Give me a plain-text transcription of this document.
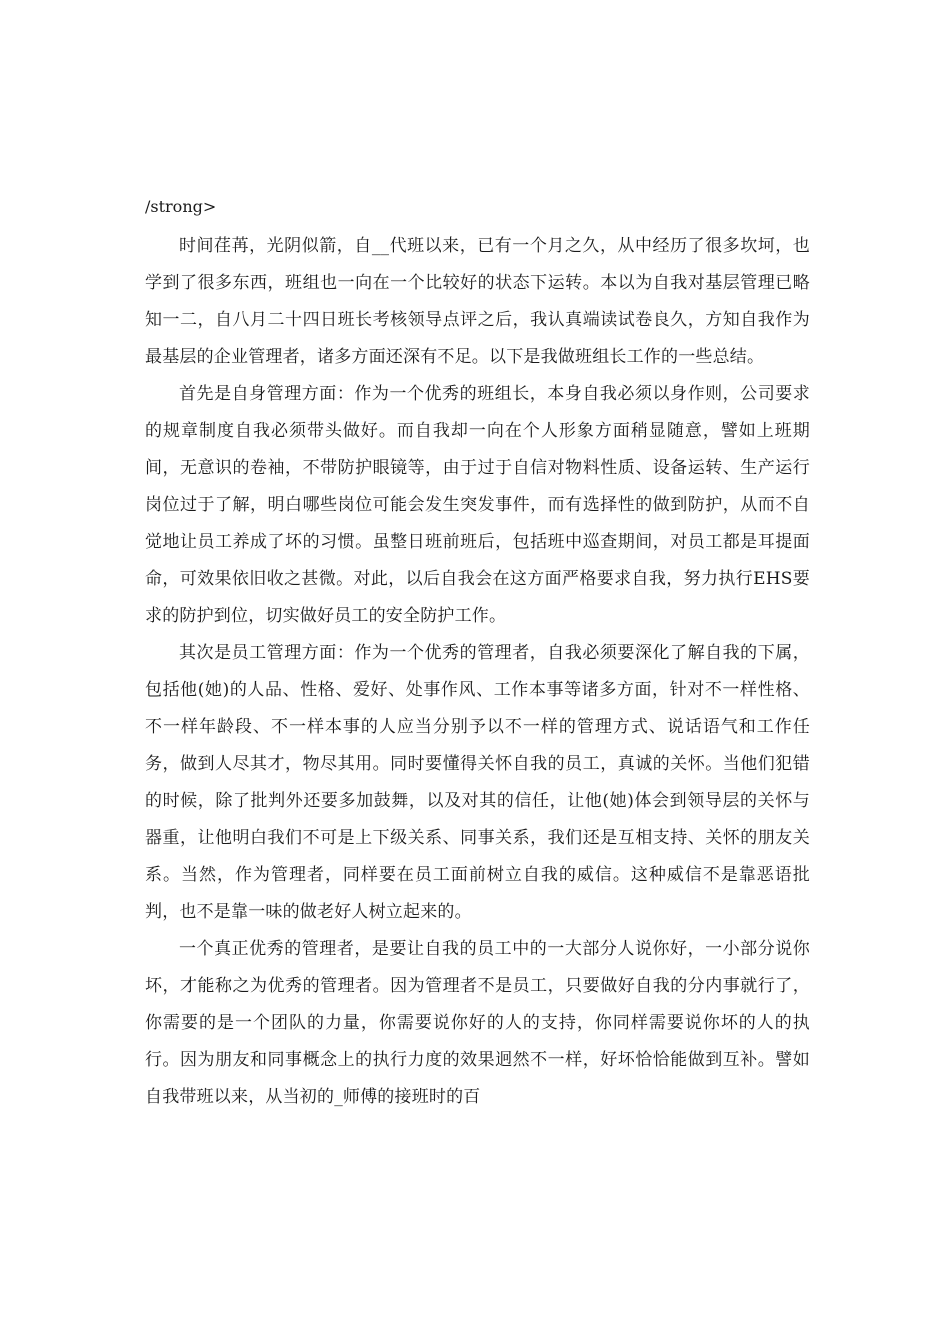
/strong>

时间荏苒，光阴似箭，自__代班以来，已有一个月之久，从中经历了很多坎坷，也学到了很多东西，班组也一向在一个比较好的状态下运转。本以为自我对基层管理已略知一二，自八月二十四日班长考核领导点评之后，我认真端读试卷良久，方知自我作为最基层的企业管理者，诸多方面还深有不足。以下是我做班组长工作的一些总结。

首先是自身管理方面：作为一个优秀的班组长，本身自我必须以身作则，公司要求的规章制度自我必须带头做好。而自我却一向在个人形象方面稍显随意，譬如上班期间，无意识的卷袖，不带防护眼镜等，由于过于自信对物料性质、设备运转、生产运行岗位过于了解，明白哪些岗位可能会发生突发事件，而有选择性的做到防护，从而不自觉地让员工养成了坏的习惯。虽整日班前班后，包括班中巡查期间，对员工都是耳提面命，可效果依旧收之甚微。对此，以后自我会在这方面严格要求自我，努力执行EHS要求的防护到位，切实做好员工的安全防护工作。

其次是员工管理方面：作为一个优秀的管理者，自我必须要深化了解自我的下属，包括他(她)的人品、性格、爱好、处事作风、工作本事等诸多方面，针对不一样性格、不一样年龄段、不一样本事的人应当分别予以不一样的管理方式、说话语气和工作任务，做到人尽其才，物尽其用。同时要懂得关怀自我的员工，真诚的关怀。当他们犯错的时候，除了批判外还要多加鼓舞，以及对其的信任，让他(她)体会到领导层的关怀与器重，让他明白我们不可是上下级关系、同事关系，我们还是互相支持、关怀的朋友关系。当然，作为管理者，同样要在员工面前树立自我的威信。这种威信不是靠恶语批判，也不是靠一味的做老好人树立起来的。

一个真正优秀的管理者，是要让自我的员工中的一大部分人说你好，一小部分说你坏，才能称之为优秀的管理者。因为管理者不是员工，只要做好自我的分内事就行了，你需要的是一个团队的力量，你需要说你好的人的支持，你同样需要说你坏的人的执行。因为朋友和同事概念上的执行力度的效果迥然不一样，好坏恰恰能做到互补。譬如自我带班以来，从当初的_师傅的接班时的百
